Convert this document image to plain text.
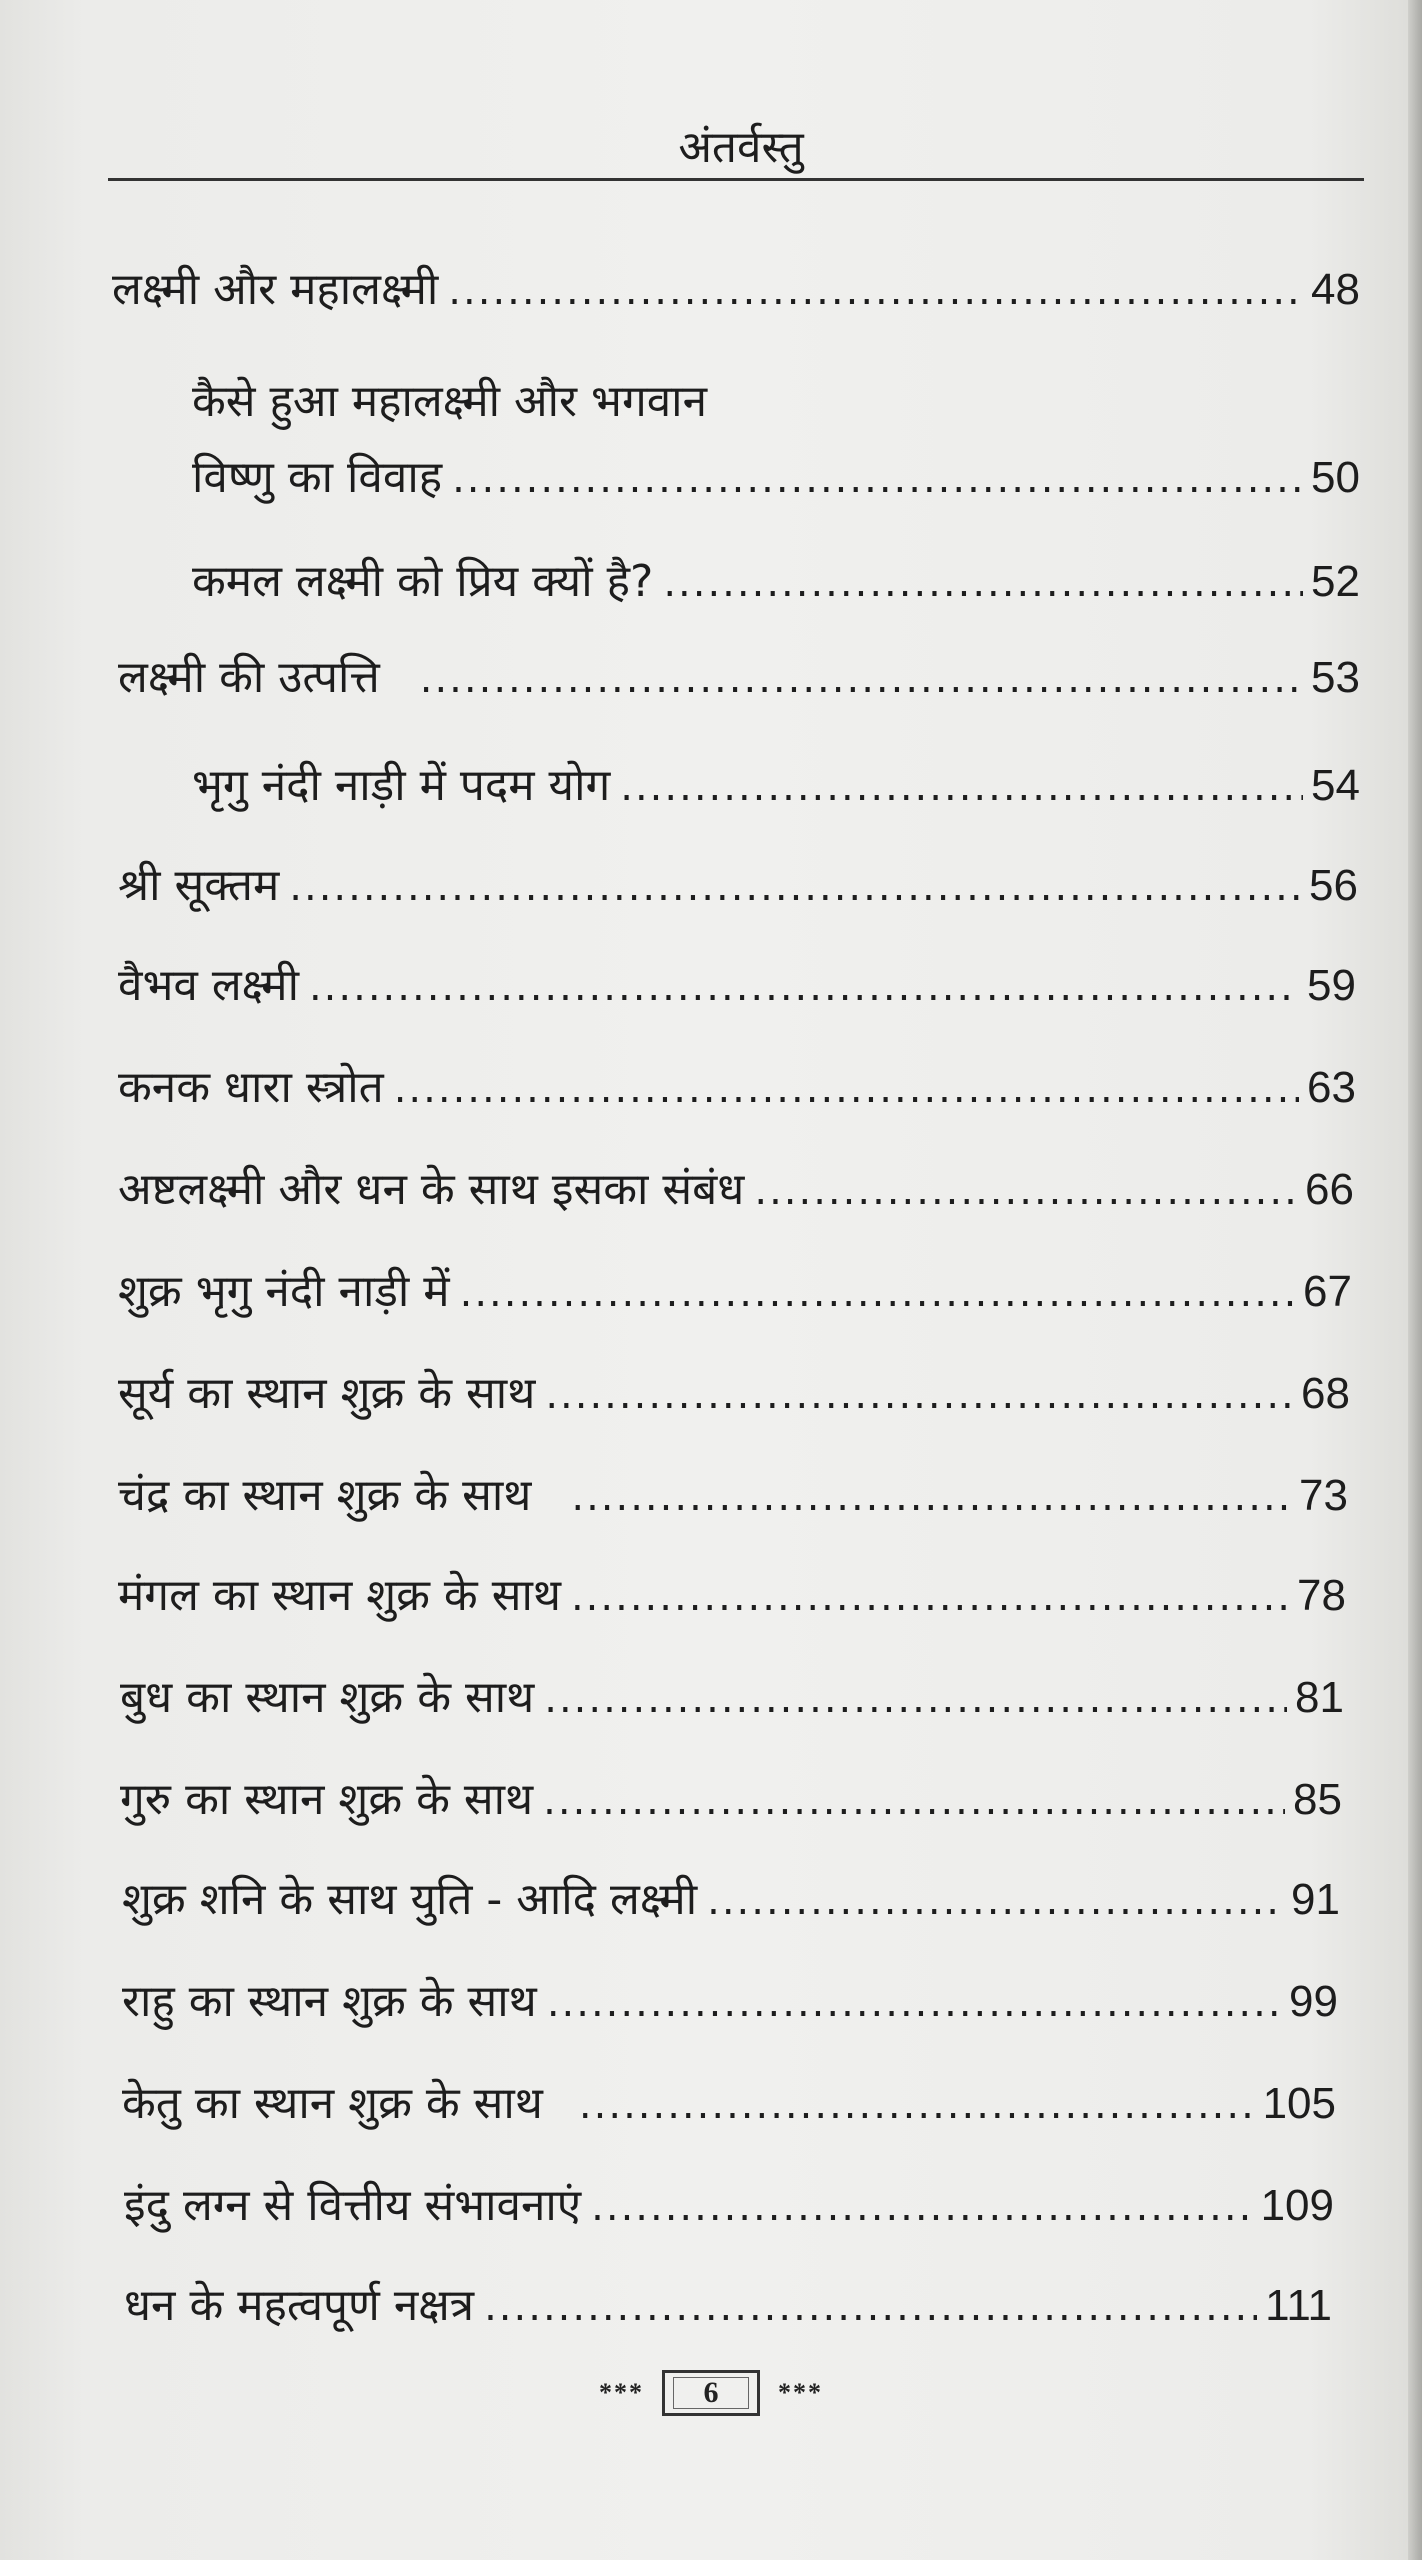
अंतर्वस्तु
लक्ष्मी और महालक्ष्मी .....	48
कैसे हुआ महालक्ष्मी और भगवान
विष्णु का विवाह .....	50
कमल लक्ष्मी को प्रिय क्यों है? .....	52
लक्ष्मी की उत्पत्ति .....	53
भृगु नंदी नाड़ी में पदम योग .....	54
श्री सूक्तम .....	56
वैभव लक्ष्मी .....	59
कनक धारा स्त्रोत .....	63
अष्टलक्ष्मी और धन के साथ इसका संबंध .....	66
शुक्र भृगु नंदी नाड़ी में .....	67
सूर्य का स्थान शुक्र के साथ .....	68
चंद्र का स्थान शुक्र के साथ .....	73
मंगल का स्थान शुक्र के साथ .....	78
बुध का स्थान शुक्र के साथ .....	81
गुरु का स्थान शुक्र के साथ .....	85
शुक्र शनि के साथ युति - आदि लक्ष्मी .....	91
राहु का स्थान शुक्र के साथ .....	99
केतु का स्थान शुक्र के साथ .....	105
इंदु लग्न से वित्तीय संभावनाएं .....	109
धन के महत्वपूर्ण नक्षत्र .....	111
*** 6 ***
